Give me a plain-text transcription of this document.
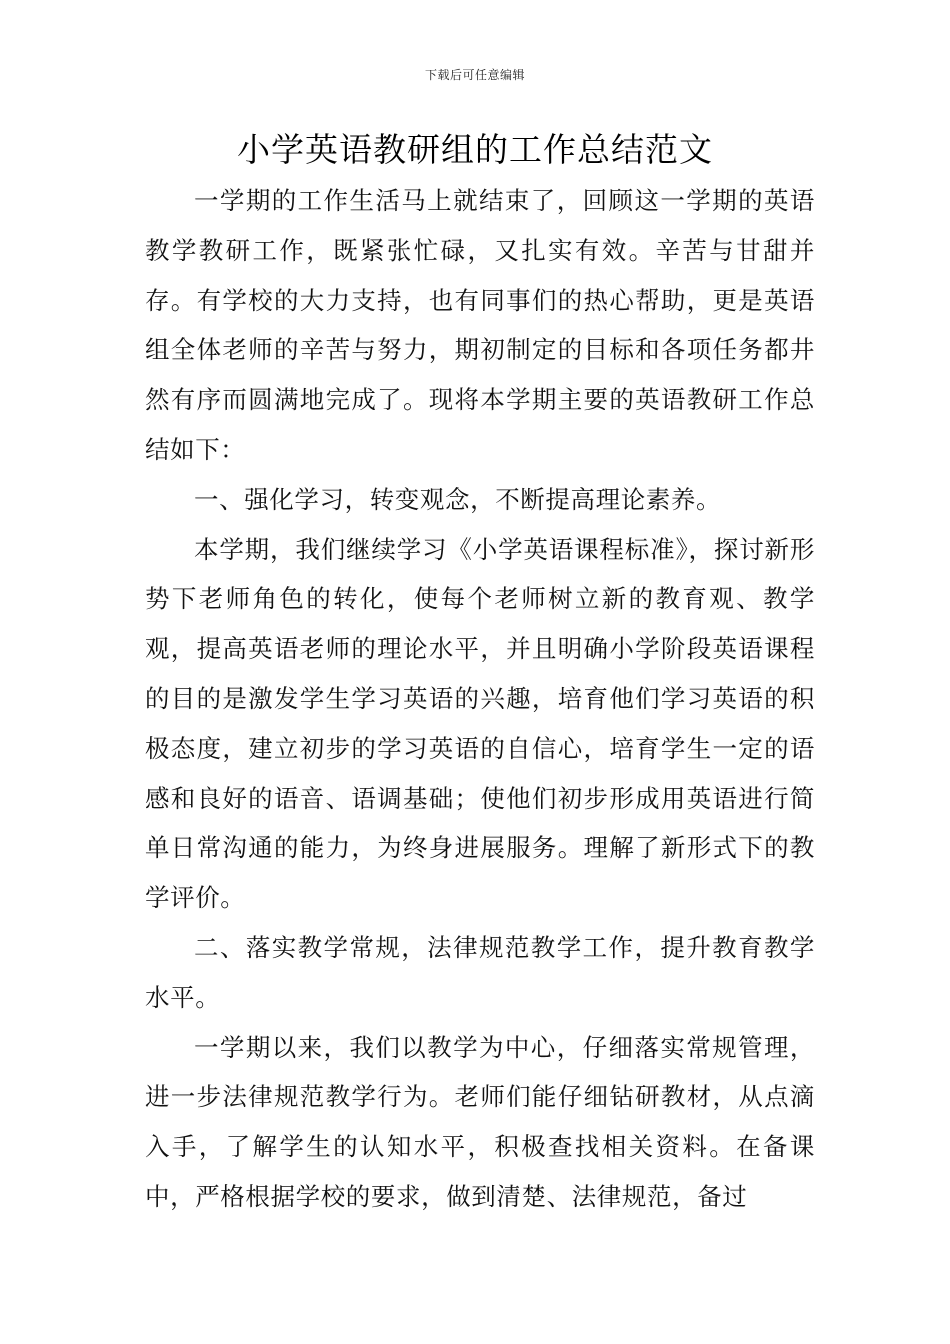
下载后可任意编辑
小学英语教研组的工作总结范文

一学期的工作生活马上就结束了，回顾这一学期的英语教学教研工作，既紧张忙碌，又扎实有效。辛苦与甘甜并存。有学校的大力支持，也有同事们的热心帮助，更是英语组全体老师的辛苦与努力，期初制定的目标和各项任务都井然有序而圆满地完成了。现将本学期主要的英语教研工作总结如下：

一、强化学习，转变观念，不断提高理论素养。

本学期，我们继续学习《小学英语课程标准》，探讨新形势下老师角色的转化，使每个老师树立新的教育观、教学观，提高英语老师的理论水平，并且明确小学阶段英语课程的目的是激发学生学习英语的兴趣，培育他们学习英语的积极态度，建立初步的学习英语的自信心，培育学生一定的语感和良好的语音、语调基础；使他们初步形成用英语进行简单日常沟通的能力，为终身进展服务。理解了新形式下的教学评价。

二、落实教学常规，法律规范教学工作，提升教育教学水平。

一学期以来，我们以教学为中心，仔细落实常规管理，进一步法律规范教学行为。老师们能仔细钻研教材，从点滴入手，了解学生的认知水平，积极查找相关资料。在备课中，严格根据学校的要求，做到清楚、法律规范，备过
